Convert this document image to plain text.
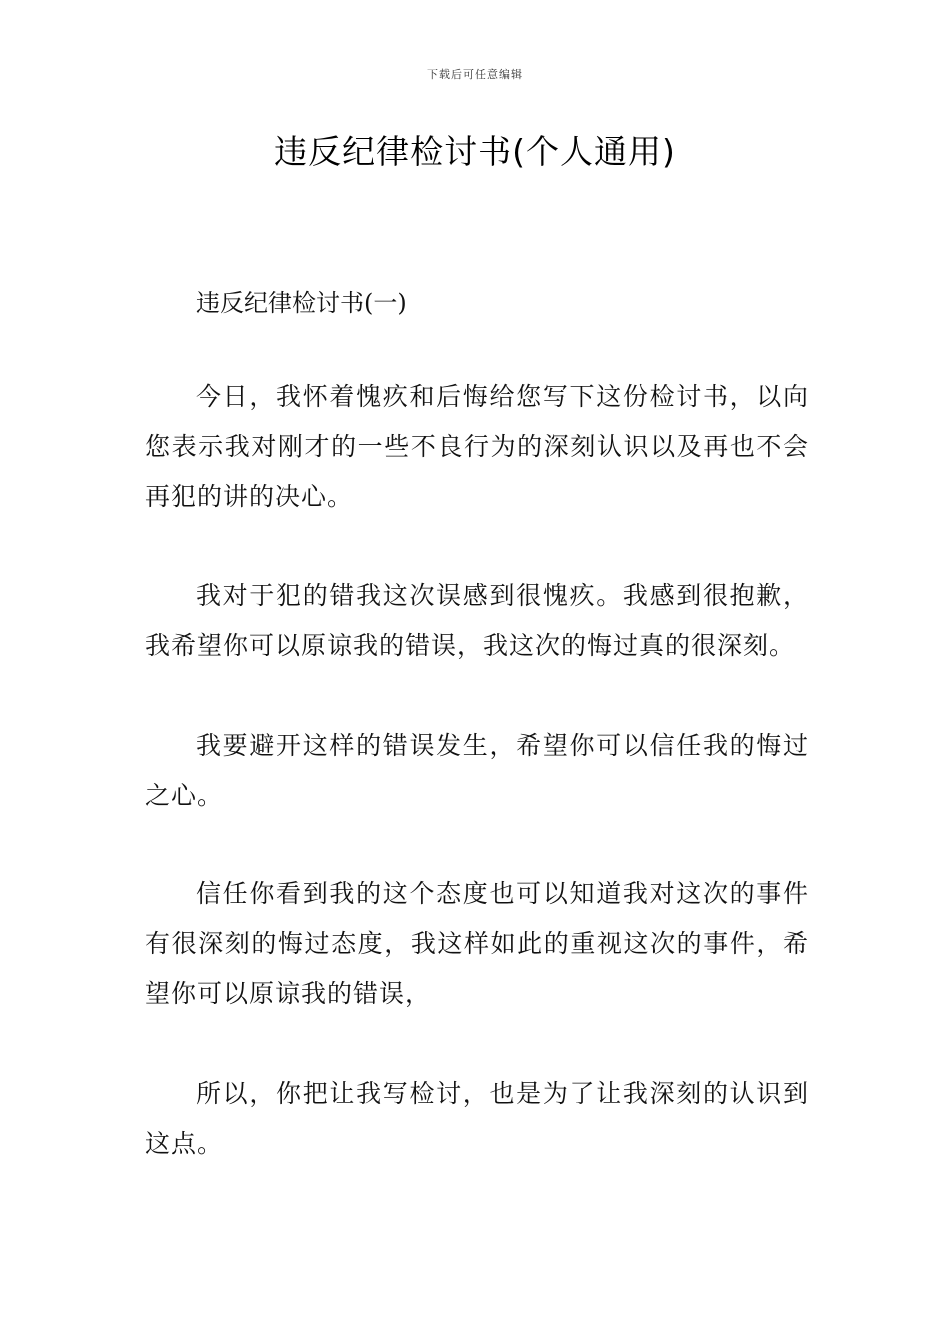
下载后可任意编辑
违反纪律检讨书(个人通用)
违反纪律检讨书(一)

今日，我怀着愧疚和后悔给您写下这份检讨书，以向您表示我对刚才的一些不良行为的深刻认识以及再也不会再犯的讲的决心。

我对于犯的错我这次误感到很愧疚。我感到很抱歉，我希望你可以原谅我的错误，我这次的悔过真的很深刻。

我要避开这样的错误发生，希望你可以信任我的悔过之心。

信任你看到我的这个态度也可以知道我对这次的事件有很深刻的悔过态度，我这样如此的重视这次的事件，希望你可以原谅我的错误，

所以，你把让我写检讨，也是为了让我深刻的认识到这点。
